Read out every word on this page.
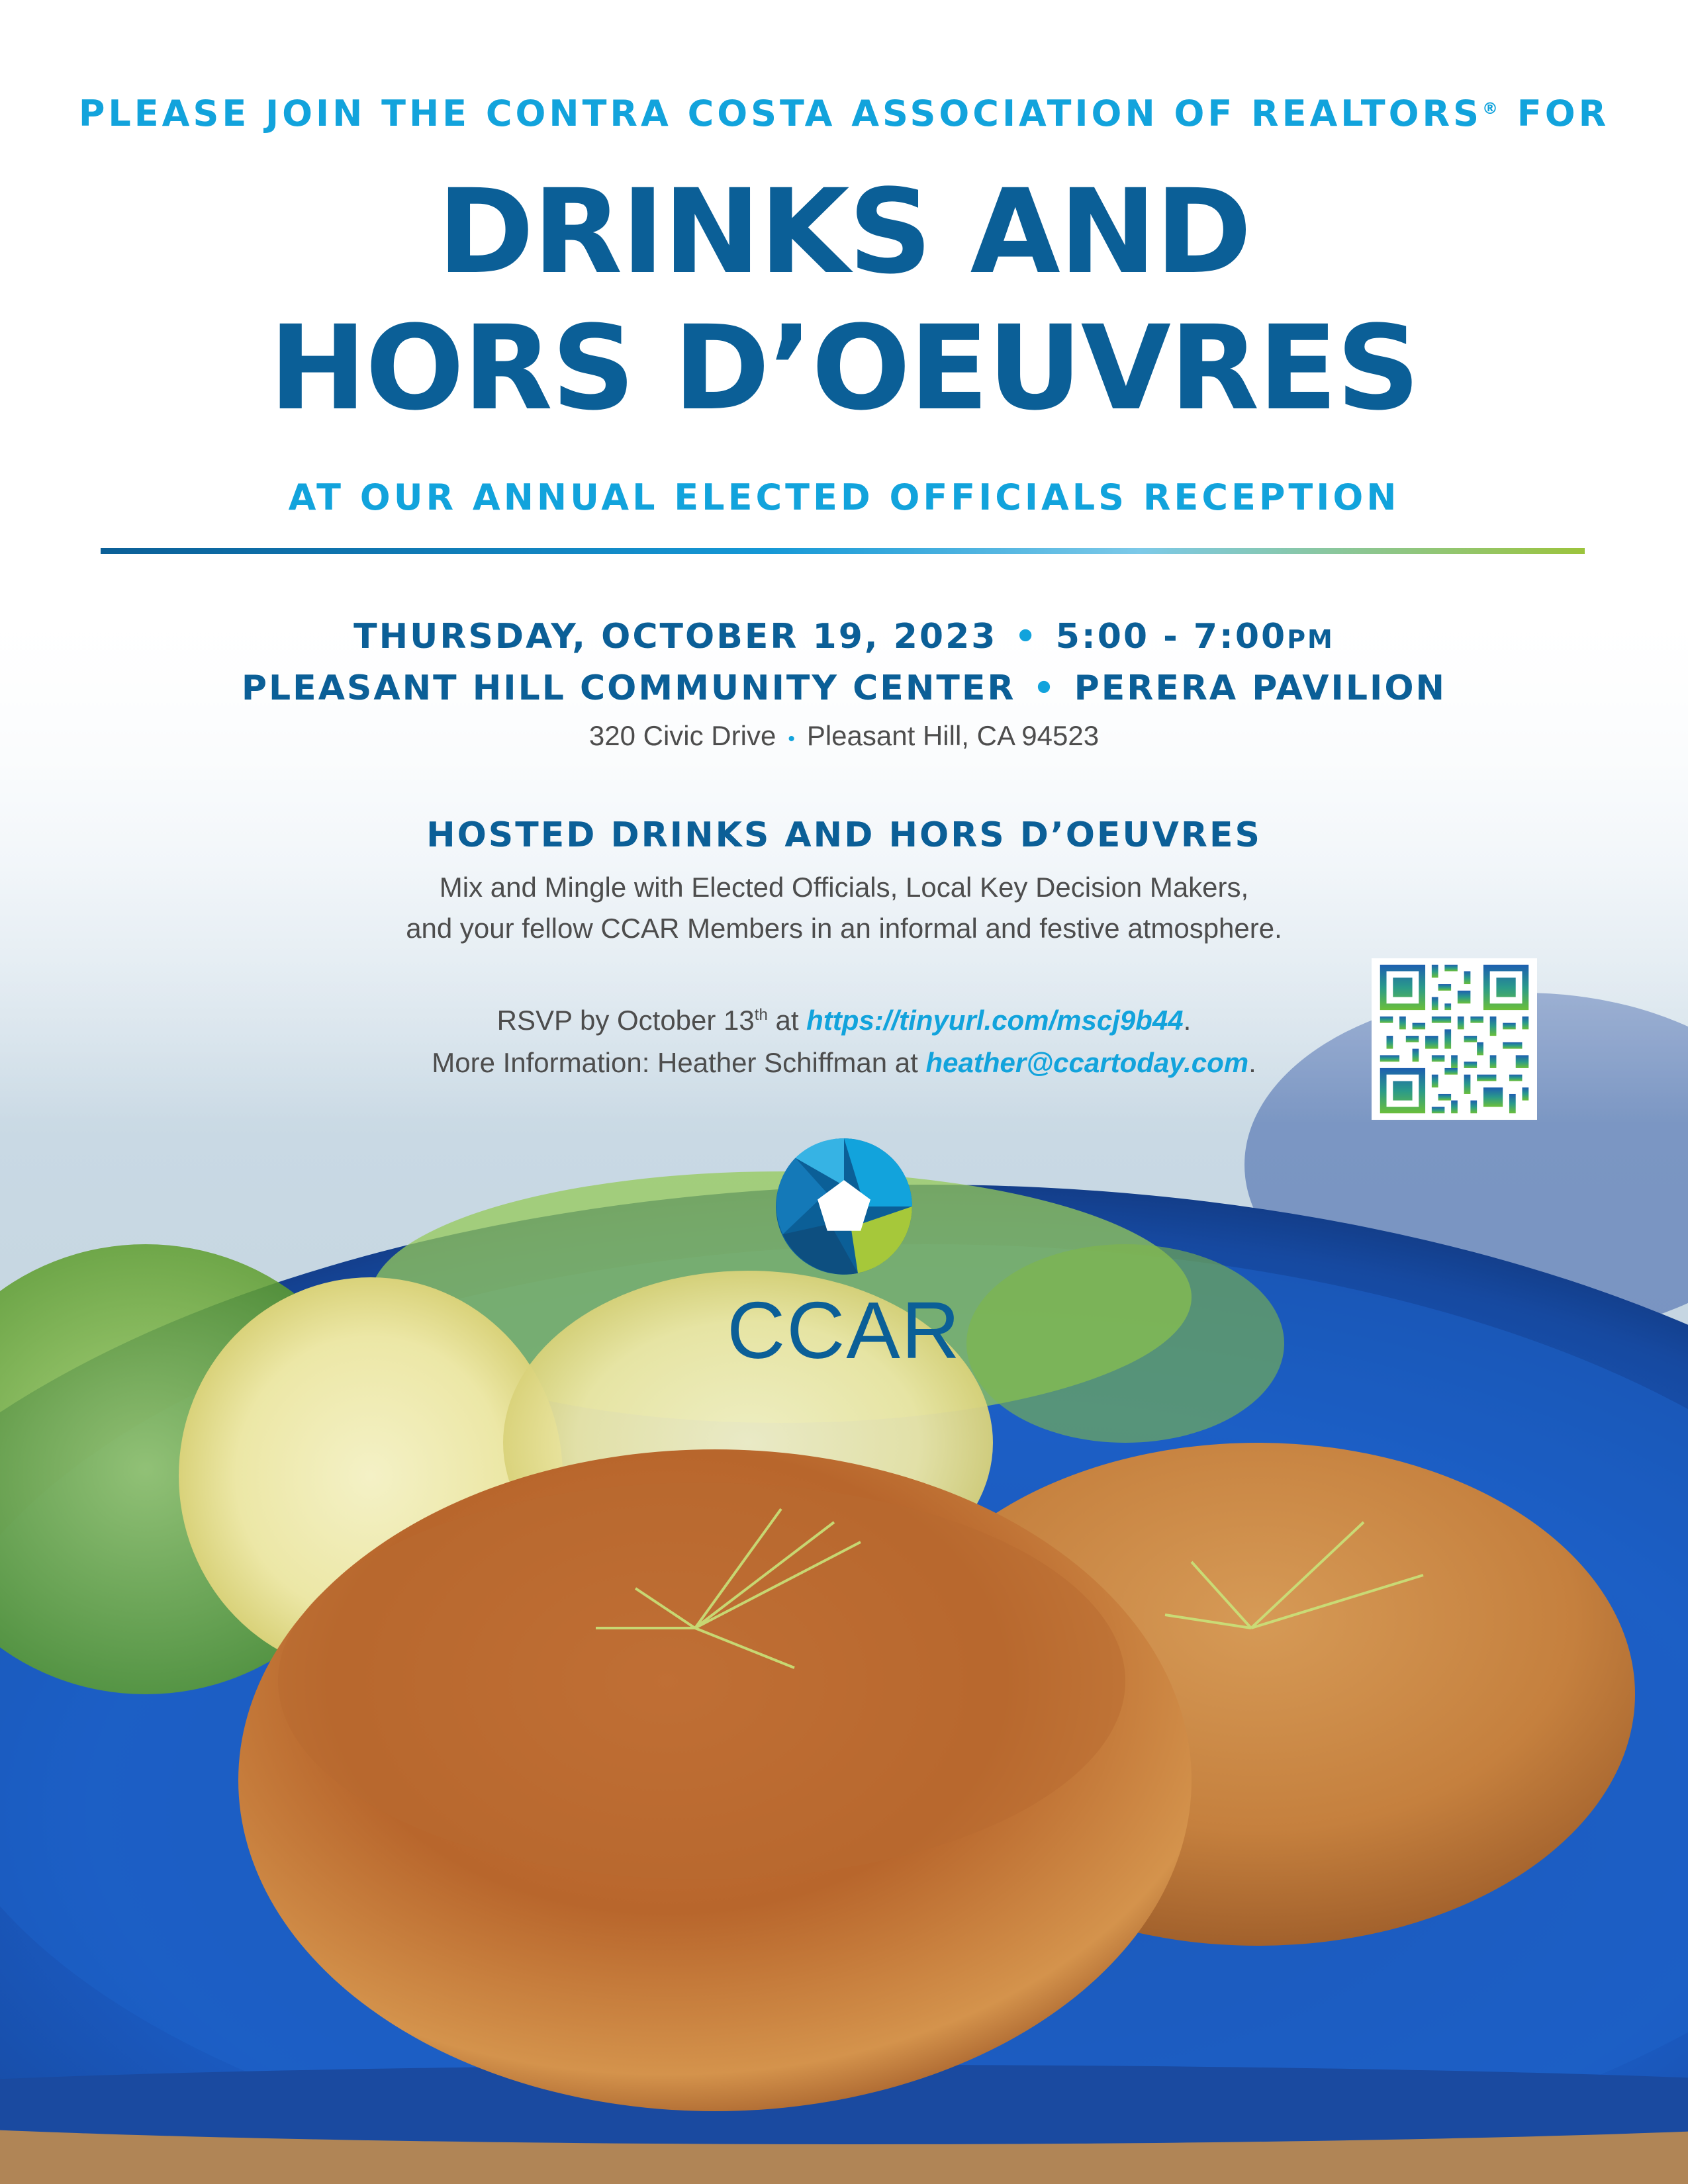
PLEASE JOIN THE CONTRA COSTA ASSOCIATION OF REALTORS® FOR
DRINKS AND
HORS D’OEUVRES
AT OUR ANNUAL ELECTED OFFICIALS RECEPTION
THURSDAY, OCTOBER 19, 2023 • 5:00 - 7:00PM
PLEASANT HILL COMMUNITY CENTER • PERERA PAVILION
320 Civic Drive • Pleasant Hill, CA 94523
HOSTED DRINKS AND HORS D’OEUVRES
Mix and Mingle with Elected Officials, Local Key Decision Makers,
and your fellow CCAR Members in an informal and festive atmosphere.
RSVP by October 13th at https://tinyurl.com/mscj9b44.
More Information: Heather Schiffman at heather@ccartoday.com.
CCAR
